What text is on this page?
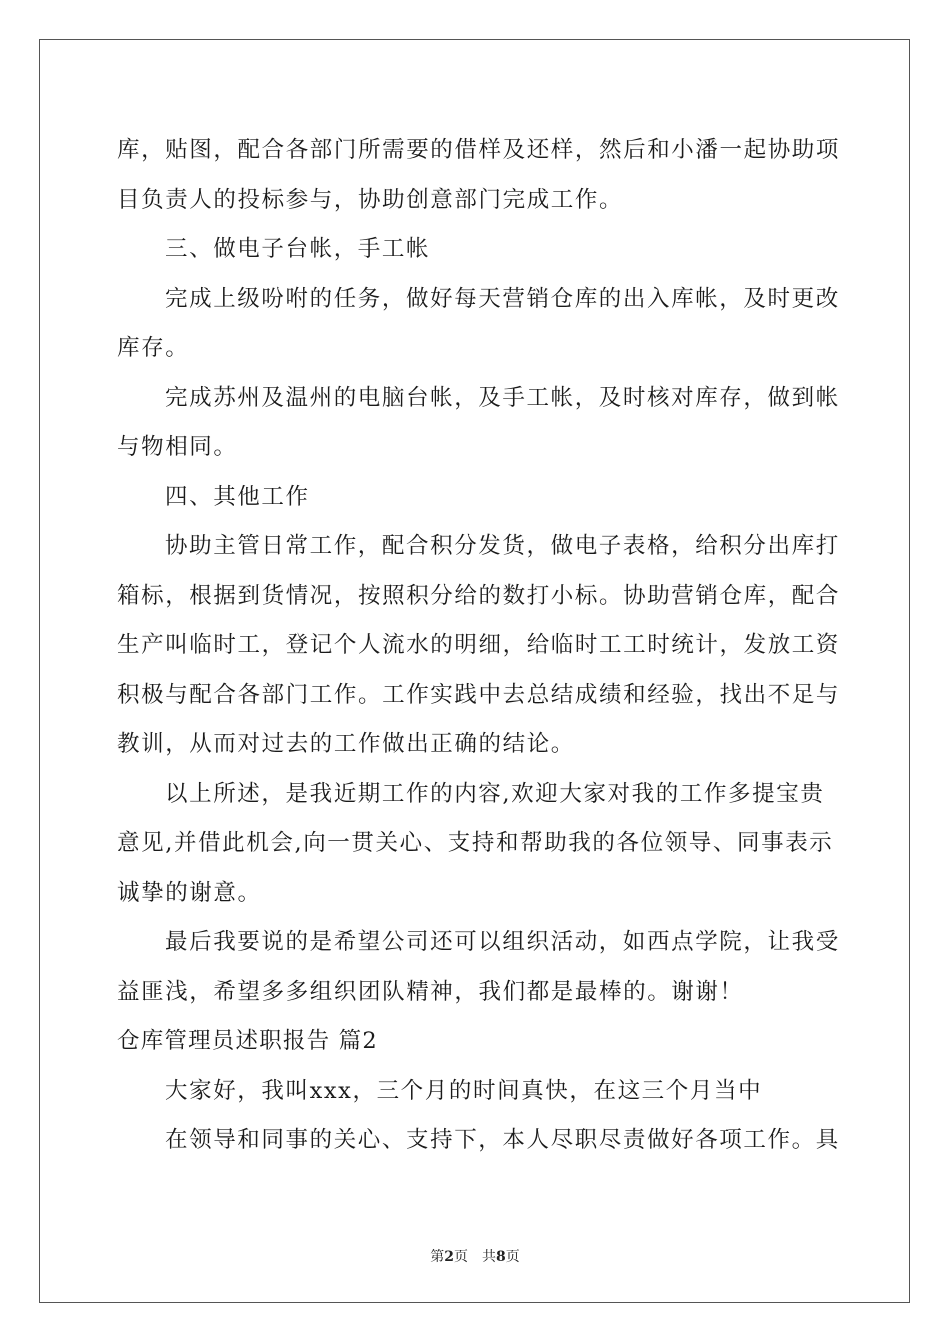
库，贴图，配合各部门所需要的借样及还样，然后和小潘一起协助项
目负责人的投标参与，协助创意部门完成工作。
三、做电子台帐，手工帐
完成上级吩咐的任务，做好每天营销仓库的出入库帐，及时更改
库存。
完成苏州及温州的电脑台帐，及手工帐，及时核对库存，做到帐
与物相同。
四、其他工作
协助主管日常工作，配合积分发货，做电子表格，给积分出库打
箱标，根据到货情况，按照积分给的数打小标。协助营销仓库，配合
生产叫临时工，登记个人流水的明细，给临时工工时统计，发放工资
积极与配合各部门工作。工作实践中去总结成绩和经验，找出不足与
教训，从而对过去的工作做出正确的结论。
以上所述，是我近期工作的内容,欢迎大家对我的工作多提宝贵
意见,并借此机会,向一贯关心、支持和帮助我的各位领导、同事表示
诚挚的谢意。
最后我要说的是希望公司还可以组织活动，如西点学院，让我受
益匪浅，希望多多组织团队精神，我们都是最棒的。谢谢！
仓库管理员述职报告 篇2
大家好，我叫xxx，三个月的时间真快，在这三个月当中
在领导和同事的关心、支持下，本人尽职尽责做好各项工作。具
第2页 共8页
